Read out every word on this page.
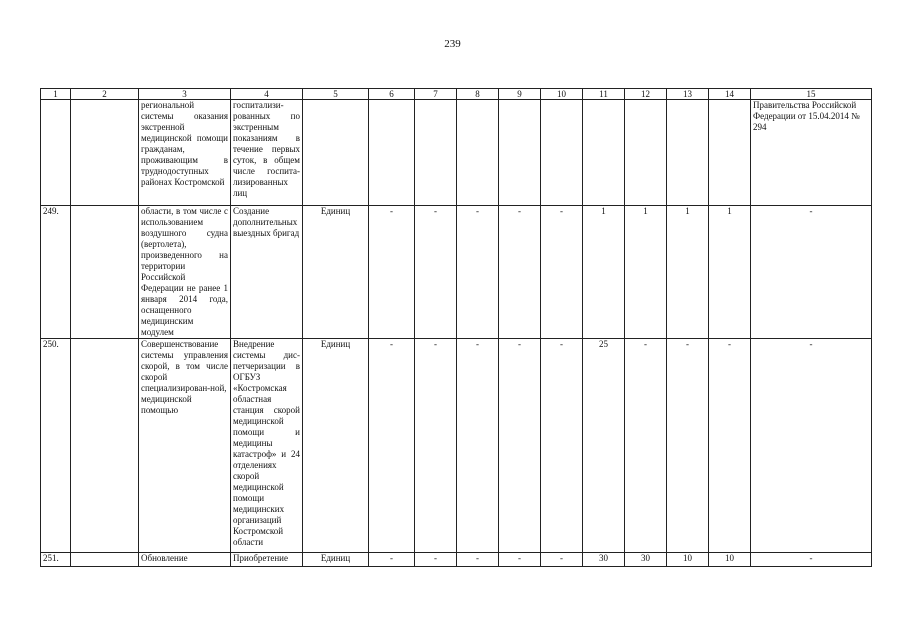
239
1	2	3	4	5	6	7	8	9	10	11	12	13	14	15
		региональной системы оказания экстренной медицинской помощи гражданам, проживающим в труднодоступных районах Костромской	госпитализи-рованных по экстренным показаниям в течение первых суток, в общем числе госпита-лизированных лиц											Правительства Российской Федерации от 15.04.2014 № 294
249.		области, в том числе с использованием воздушного судна (вертолета), произведенного на территории Российской Федерации не ранее 1 января 2014 года, оснащенного медицинским модулем	Создание дополнительных выездных бригад	Единиц	-	-	-	-	-	1	1	1	1	-
250.		Совершенствование системы управления скорой, в том числе скорой специализирован-ной, медицинской помощью	Внедрение системы дис-петчеризации в ОГБУЗ «Костромская областная станция скорой медицинской помощи и медицины катастроф» и 24 отделениях скорой медицинской помощи медицинских организаций Костромской области	Единиц	-	-	-	-	-	25	-	-	-	-
251.		Обновление	Приобретение	Единиц	-	-	-	-	-	30	30	10	10	-
